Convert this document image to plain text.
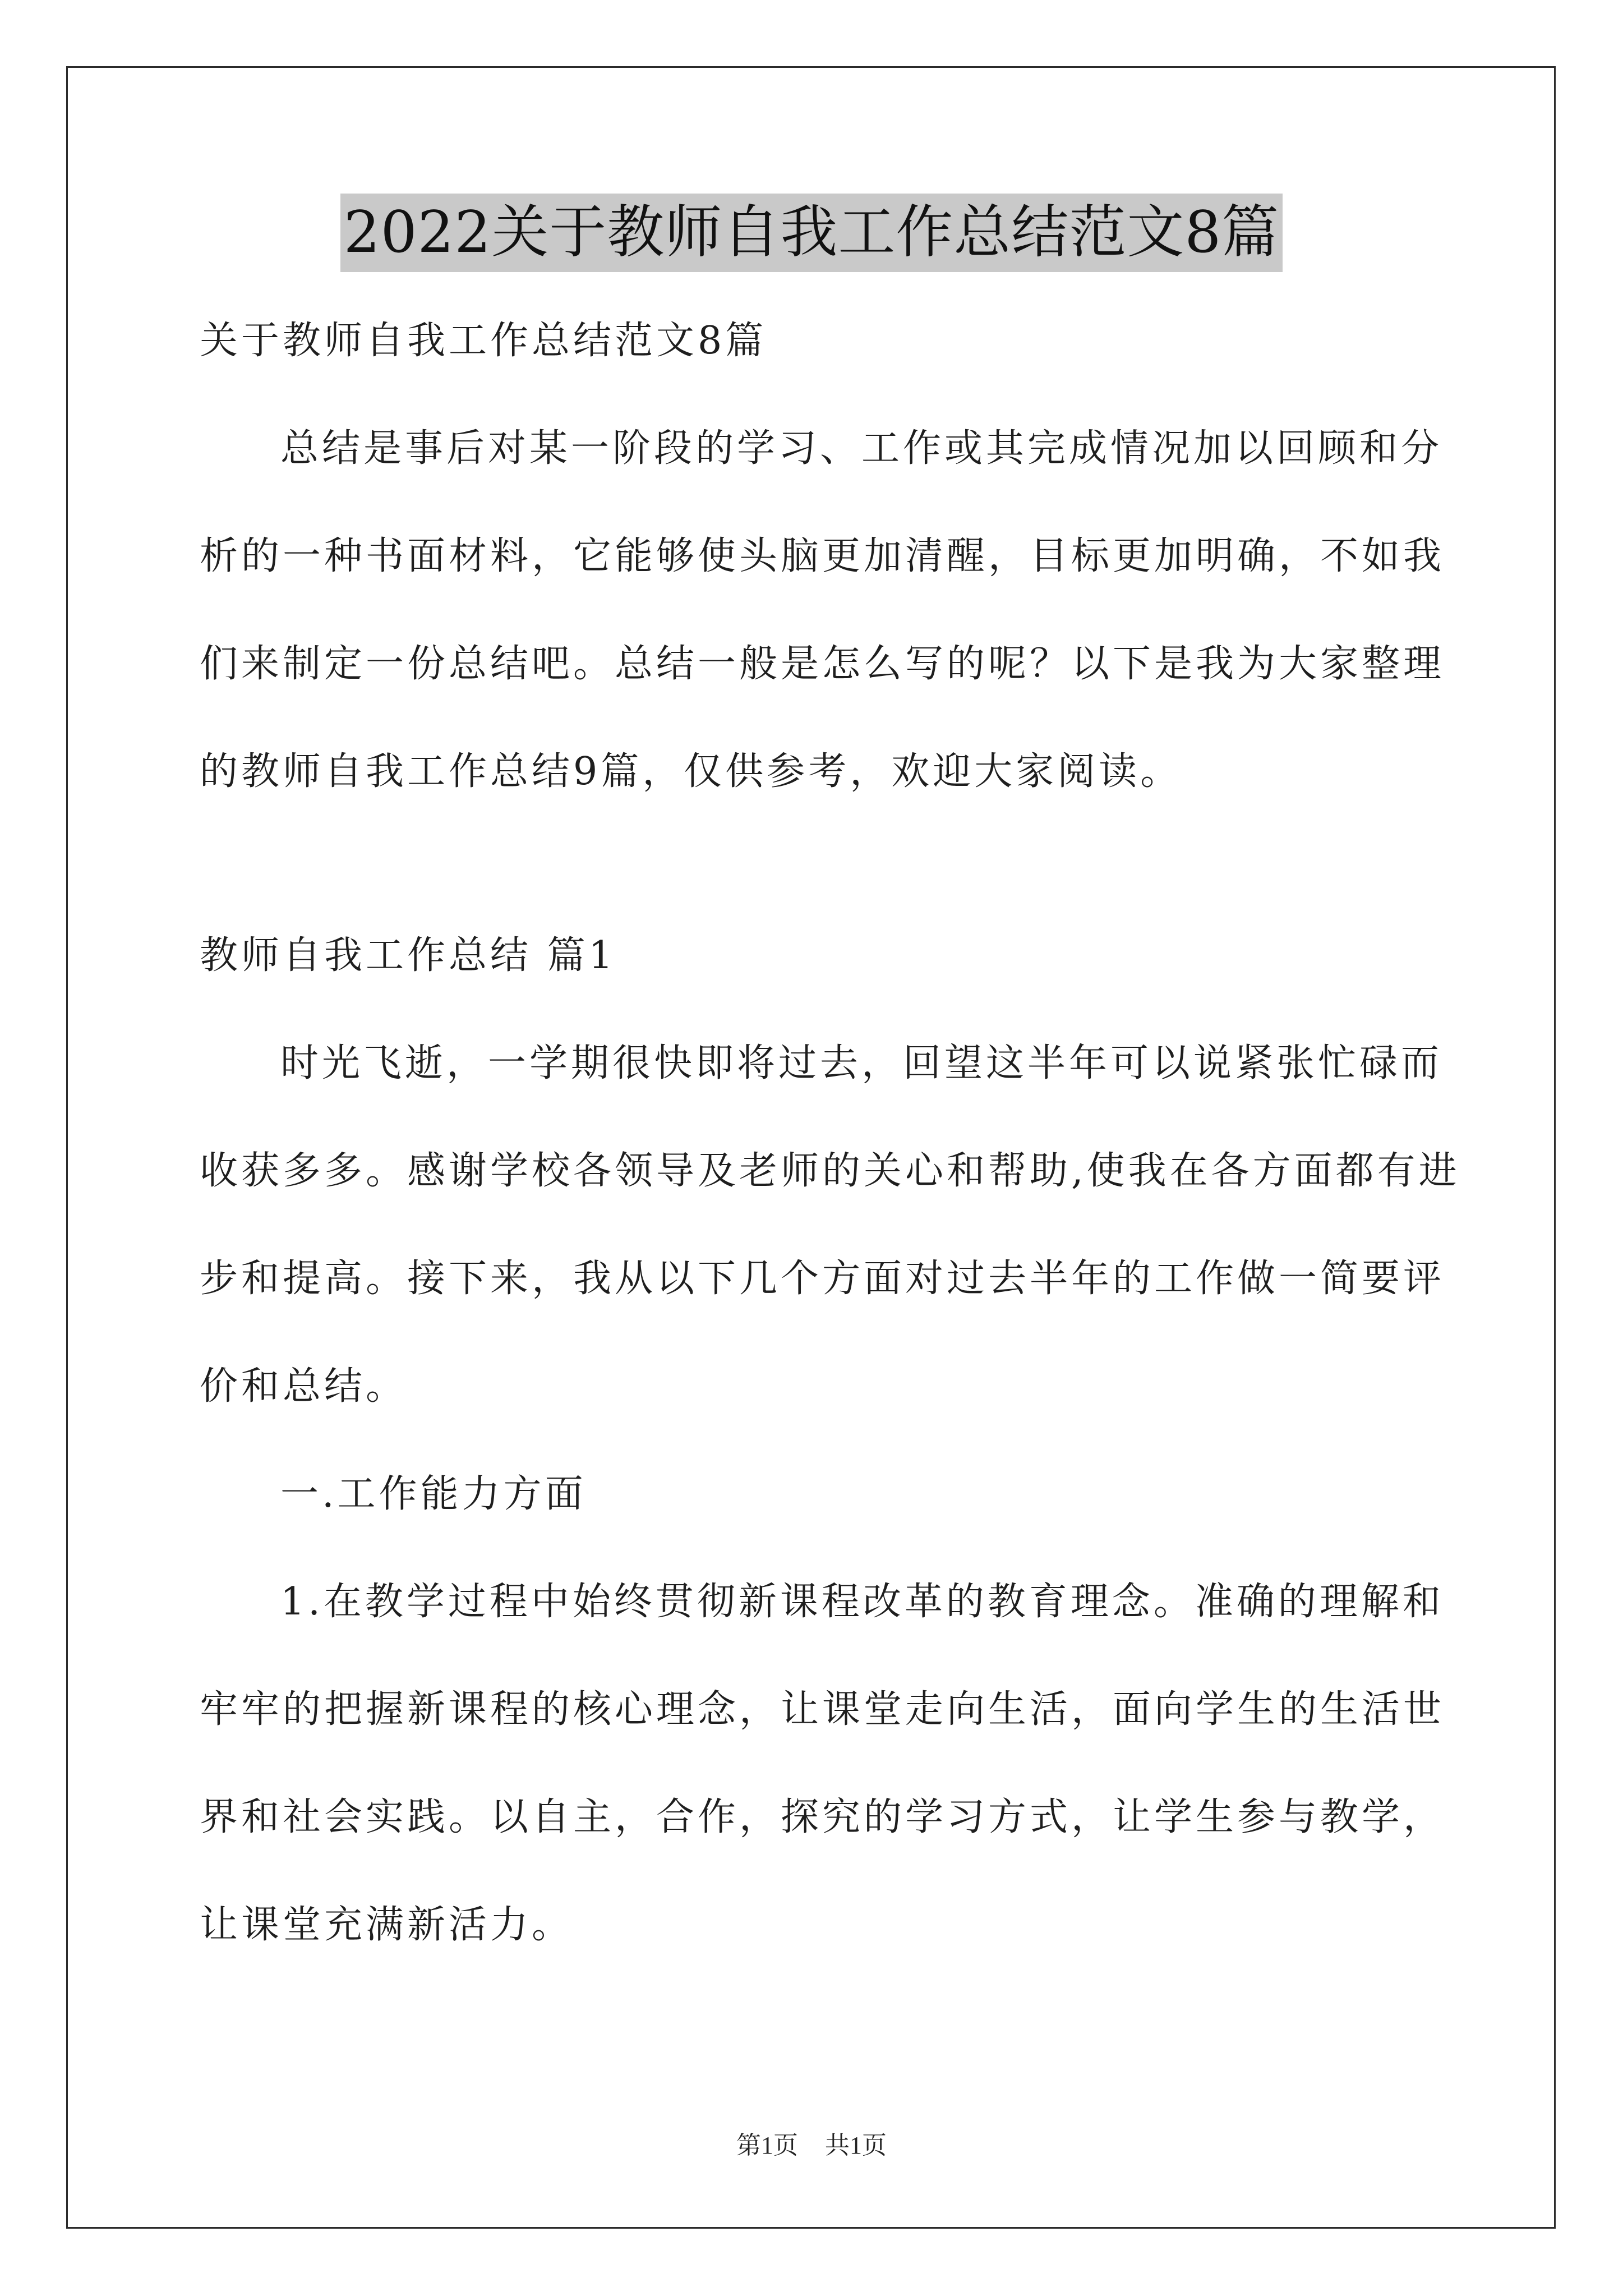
2022关于教师自我工作总结范文8篇
关于教师自我工作总结范文8篇
总结是事后对某一阶段的学习、工作或其完成情况加以回顾和分
析的一种书面材料，它能够使头脑更加清醒，目标更加明确，不如我
们来制定一份总结吧。总结一般是怎么写的呢？以下是我为大家整理
的教师自我工作总结9篇，仅供参考，欢迎大家阅读。
教师自我工作总结 篇1
时光飞逝，一学期很快即将过去，回望这半年可以说紧张忙碌而
收获多多。感谢学校各领导及老师的关心和帮助,使我在各方面都有进
步和提高。接下来，我从以下几个方面对过去半年的工作做一简要评
价和总结。
一.工作能力方面
1.在教学过程中始终贯彻新课程改革的教育理念。准确的理解和
牢牢的把握新课程的核心理念，让课堂走向生活，面向学生的生活世
界和社会实践。以自主，合作，探究的学习方式，让学生参与教学，
让课堂充满新活力。
第1页 共1页
